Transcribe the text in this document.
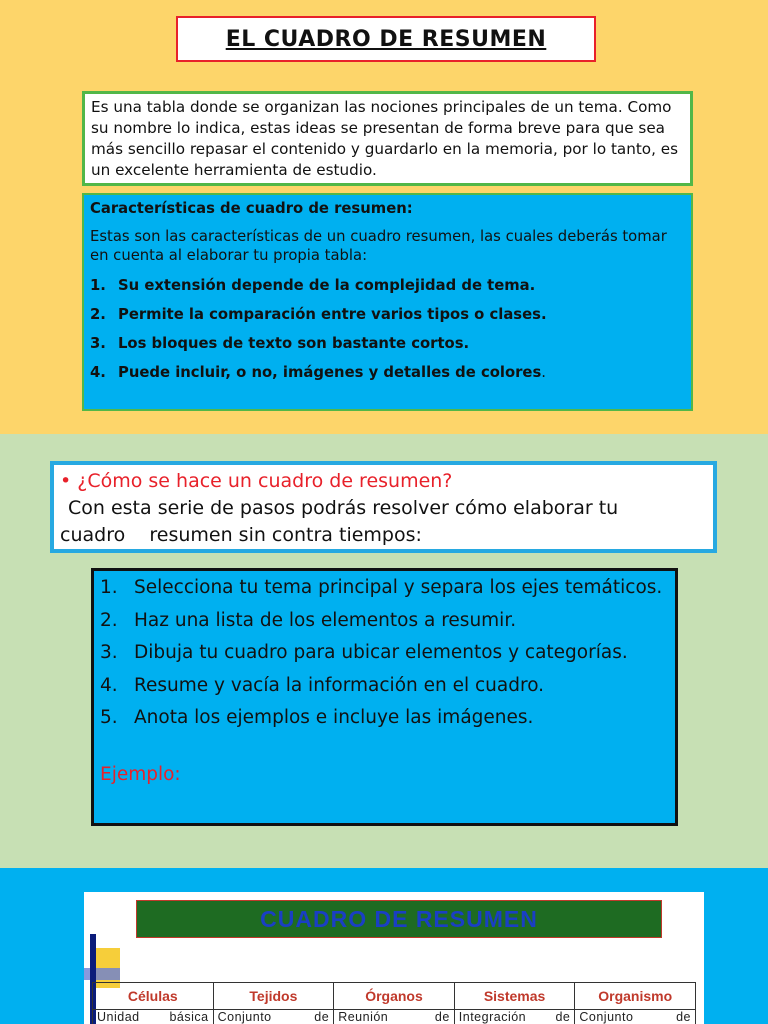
EL CUADRO DE RESUMEN
Es una tabla donde se organizan las nociones principales de un tema. Como su nombre lo indica, estas ideas se presentan de forma breve para que sea más sencillo repasar el contenido y guardarlo en la memoria, por lo tanto, es un excelente herramienta de estudio.
Características de cuadro de resumen:
Estas son las características de un cuadro resumen, las cuales deberás tomar en cuenta al elaborar tu propia tabla:
1. Su extensión depende de la complejidad de tema.
2. Permite la comparación entre varios tipos o clases.
3. Los bloques de texto son bastante cortos.
4. Puede incluir, o no, imágenes y detalles de colores.
• ¿Cómo se hace un cuadro de resumen?
Con esta serie de pasos podrás resolver cómo elaborar tu
cuadro    resumen sin contra tiempos:
1. Selecciona tu tema principal y separa los ejes temáticos.
2. Haz una lista de los elementos a resumir.
3. Dibuja tu cuadro para ubicar elementos y categorías.
4. Resume y vacía la información en el cuadro.
5. Anota los ejemplos e incluye las imágenes.
Ejemplo:
CUADRO DE RESUMEN
Células	Tejidos	Órganos	Sistemas	Organismo
Unidad básica	Conjunto de	Reunión de	Integración de	Conjunto de
